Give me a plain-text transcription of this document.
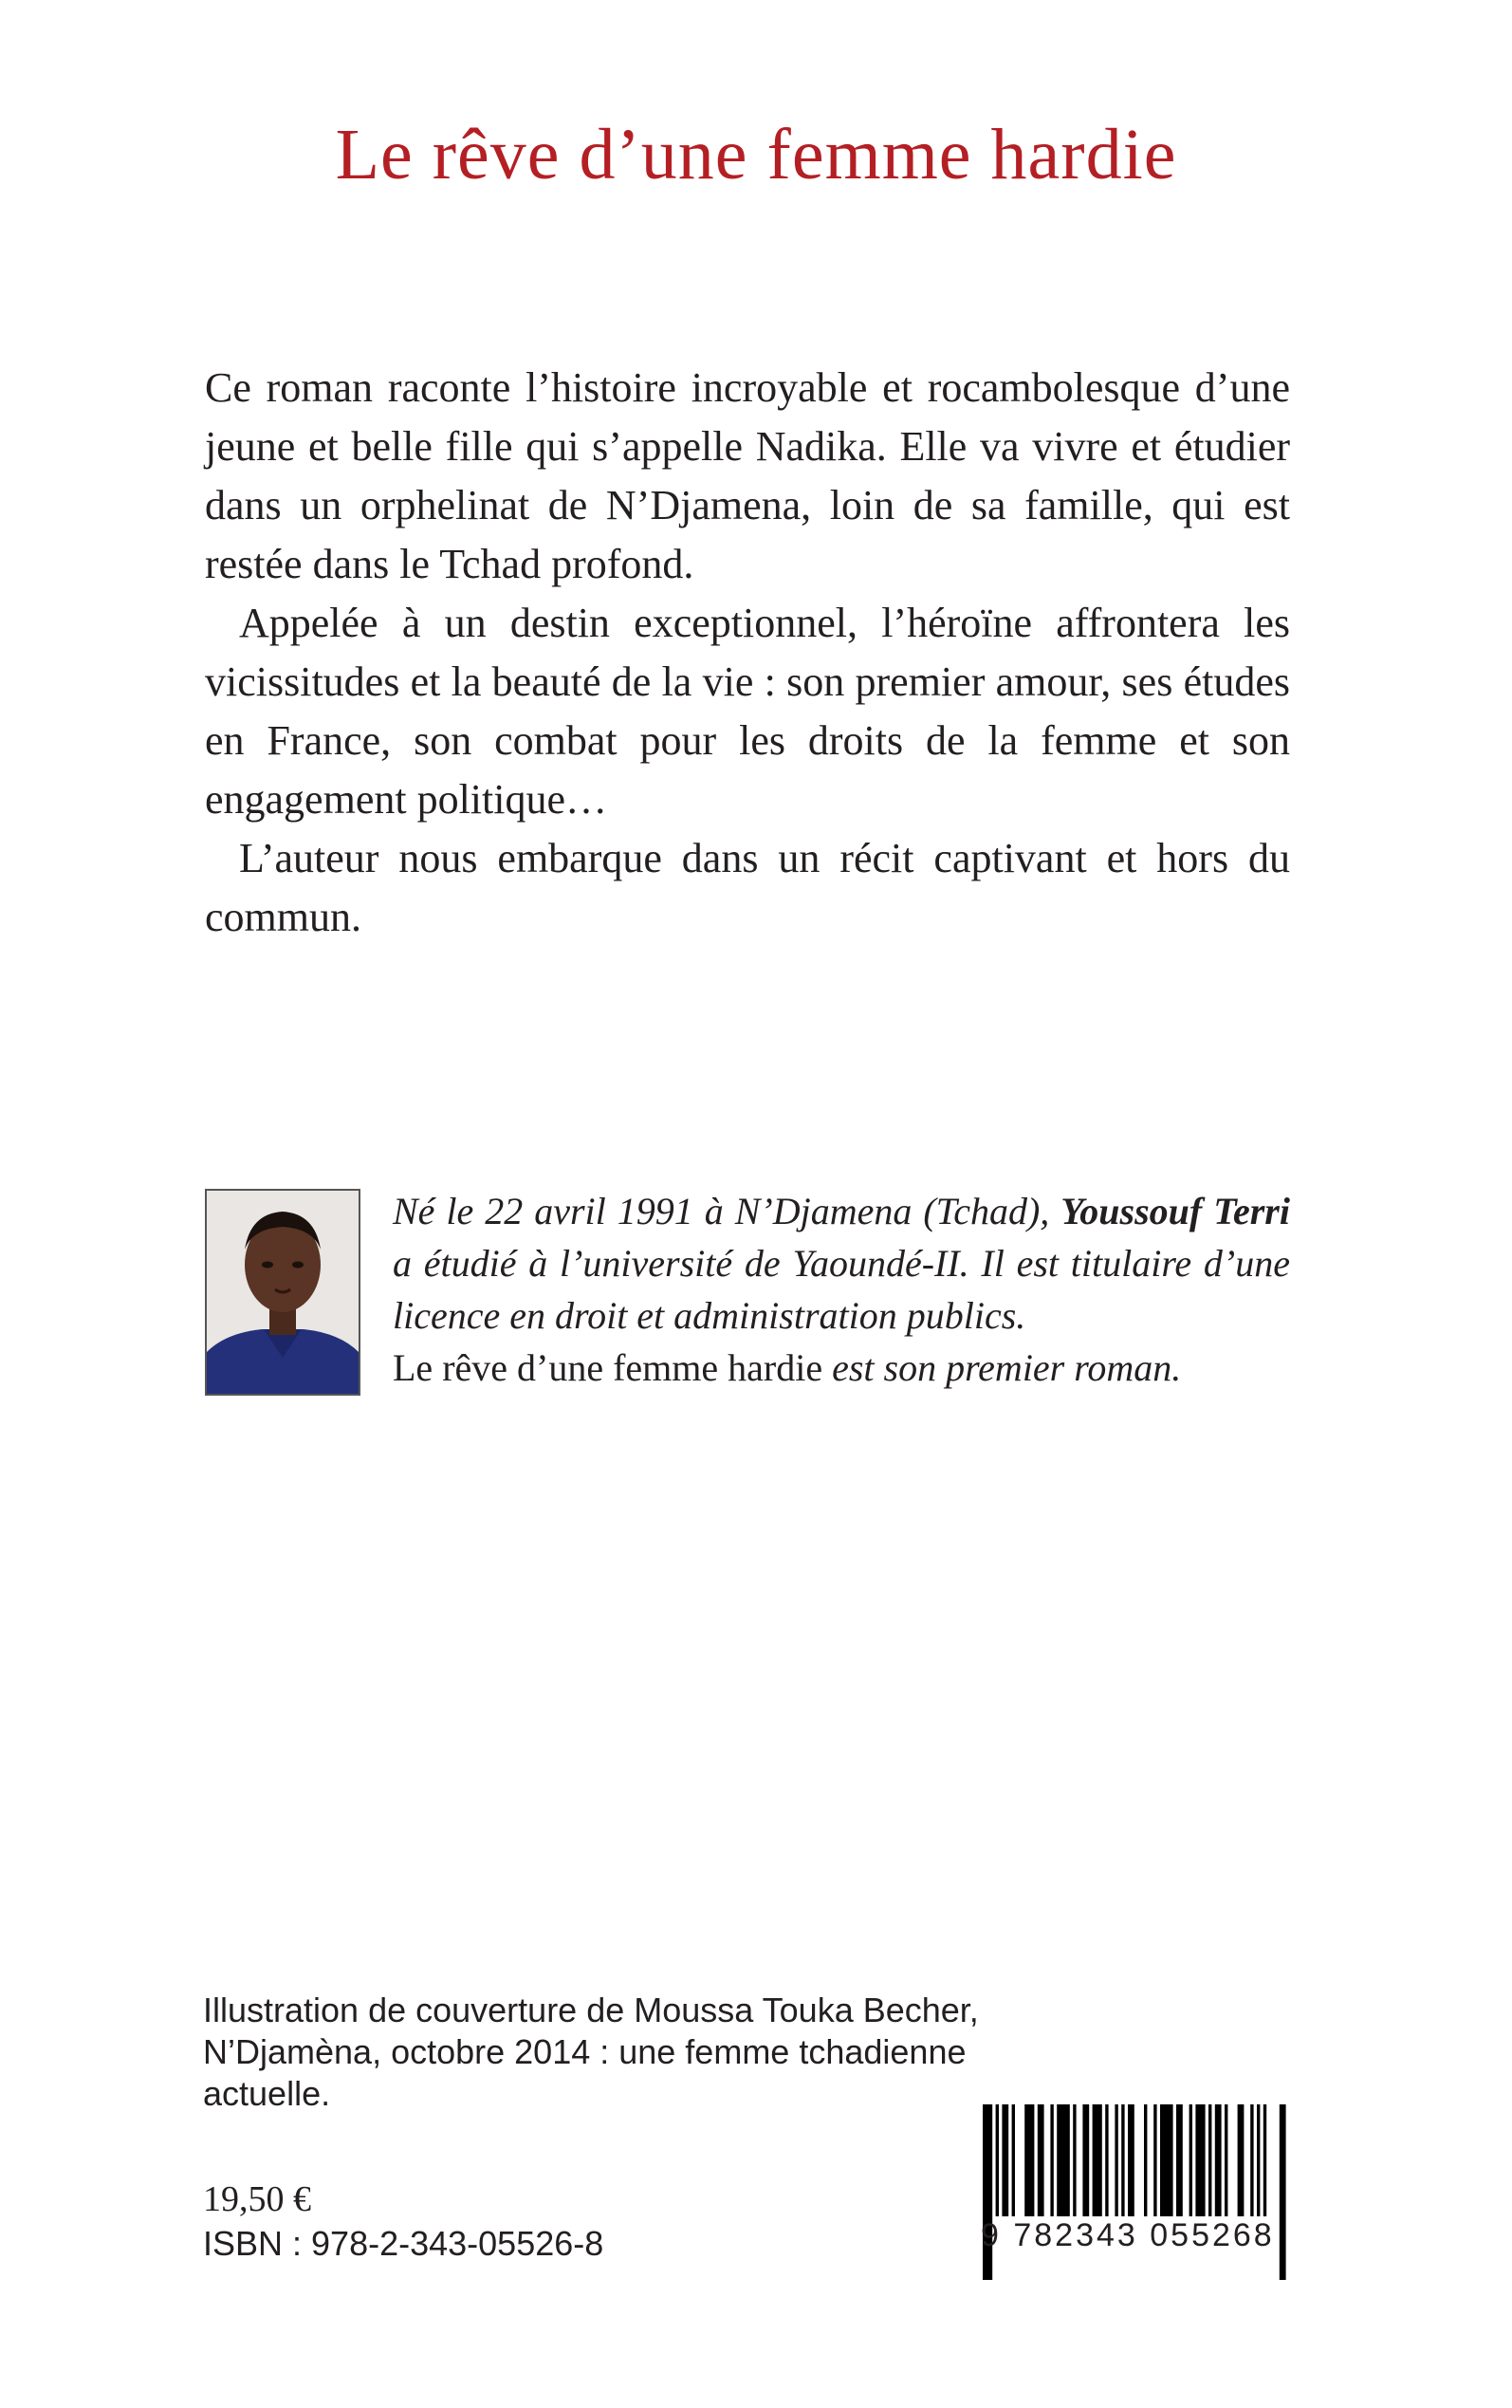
Le rêve d’une femme hardie

Ce roman raconte l’histoire incroyable et rocambolesque d’une jeune et belle fille qui s’appelle Nadika. Elle va vivre et étudier dans un orphelinat de N’Djamena, loin de sa famille, qui est restée dans le Tchad profond.

Appelée à un destin exceptionnel, l’héroïne affrontera les vicissitudes et la beauté de la vie : son premier amour, ses études en France, son combat pour les droits de la femme et son engagement politique…

L’auteur nous embarque dans un récit captivant et hors du commun.

Né le 22 avril 1991 à N’Djamena (Tchad), Youssouf Terri a étudié à l’université de Yaoundé-II. Il est titulaire d’une licence en droit et administration publics.
Le rêve d’une femme hardie est son premier roman.
Illustration de couverture de Moussa Touka Becher, N’Djamèna, octobre 2014 : une femme tchadienne actuelle.
19,50 €
ISBN : 978-2-343-05526-8	9 782343 055268
